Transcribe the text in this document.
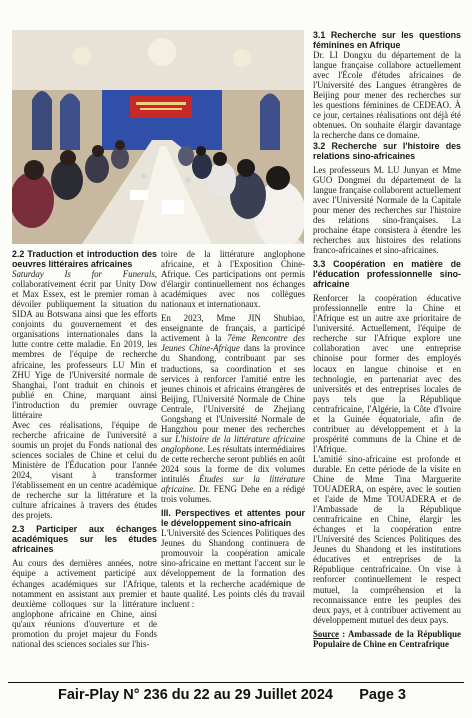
2.2 Traduction et introduction des oeuvres littéraires africaines

Saturday Is for Funerals, collaborativement écrit par Unity Dow et Max Essex, est le premier roman à dévoiler publiquement la situation du SIDA au Botswana ainsi que les efforts conjoints du gouvernement et des organisations internationales dans la lutte contre cette maladie. En 2019, les membres de l'équipe de recherche africaine, les professeurs LU Min et ZHU Yige de l'Université normale de Shanghai, l'ont traduit en chinois et publié en Chine, marquant ainsi l'introduction du premier ouvrage littéraire

Avec ces réalisations, l'équipe de recherche africaine de l'université a soumis un projet du Fonds national des sciences sociales de Chine et celui du Ministère de l'Éducation pour l'année 2024, visant à transformer l'établissement en un centre académique de recherche sur la littérature et la culture africaines à travers des études des projets.

2.3 Participer aux échanges académiques sur les études africaines

Au cours des dernières années, notre équipe a activement participé aux échanges académiques sur l'Afrique, notamment en assistant aux premier et deuxième colloques sur la littérature anglophone africaine en Chine, ainsi qu'aux réunions d'ouverture et de promotion du projet majeur du Fonds national des sciences sociales sur l'his-

toire de la littérature anglophone africaine, et à l'Exposition Chine-Afrique. Ces participations ont permis d'élargir continuellement nos échanges académiques avec nos collègues nationaux et internationaux.

En 2023, Mme JIN Shubiao, enseignante de français, a participé activement à la 7ème Rencontre des Jeunes Chine-Afrique dans la province du Shandong, contribuant par ses traductions, sa coordination et ses services à renforcer l'amitié entre les jeunes chinois et africains étrangères de Beijing, l'Université Normale de Chine Centrale, l'Université de Zhejiang Gongshang et l'Université Normale de Hangzhou pour mener des recherches sur L'histoire de la littérature africaine anglophone. Les résultats intermédiaires de cette recherche seront publiés en août 2024 sous la forme de dix volumes intitulés Études sur la littérature africaine. Dr. FENG Dehe en a rédigé trois volumes.

III. Perspectives et attentes pour le développement sino-africain

L'Université des Sciences Politiques des Jeunes du Shandong continuera de promouvoir la coopération amicale sino-africaine en mettant l'accent sur le développement de la formation des talents et la recherche académique de haute qualité. Les points clés du travail incluent :

3.1 Recherche sur les questions féminines en Afrique

Dr. LI Dongxu du département de la langue française collabore actuellement avec l'École d'études africaines de l'Université des Langues étrangères de Beijing pour mener des recherches sur les questions féminines de CEDEAO. À ce jour, certaines réalisations ont déjà été obtenues. On souhaite élargir davantage la recherche dans ce domaine.

3.2 Recherche sur l'histoire des relations sino-africaines

Les professeurs M. LU Junyan et Mme GUO Dongmei du département de la langue française collaborent actuellement avec l'Université Normale de la Capitale pour mener des recherches sur l'histoire des relations sino-françaises. La prochaine étape consistera à étendre les recherches aux histoires des relations franco-africaines et sino-africaines.

3.3 Coopération en matière de l'éducation professionnelle sino-africaine

Renforcer la coopération éducative professionnelle entre la Chine et l'Afrique est un autre axe prioritaire de l'université. Actuellement, l'équipe de recherche sur l'Afrique explore une collaboration avec une entreprise chinoise pour former des employés locaux en langue chinoise et en technologie, en partenariat avec des universités et des entreprises locales de pays tels que la République centrafricaine, l'Algérie, la Côte d'Ivoire et la Guinée équatoriale, afin de contribuer au développement et à la prospérité communs de la Chine et de l'Afrique.

L'amitié sino-africaine est profonde et durable. En cette période de la visite en Chine de Mme Tina Marguerite TOUADERA, on espère, avec le soutien et l'aide de Mme TOUADERA et de l'Ambassade de la République centrafricaine en Chine, élargir les échanges et la coopération entre l'Université des Sciences Politiques des Jeunes du Shandong et les institutions éducatives et entreprises de la République centrafricaine. On vise à renforcer continuellement le respect mutuel, la compréhension et la reconnaissance entre les peuples des deux pays, et à contribuer activement au développement mutuel des deux pays.

Source : Ambassade de la République Populaire de Chine en Centrafrique

Fair-Play N° 236 du 22 au 29 Juillet 2024 Page 3
